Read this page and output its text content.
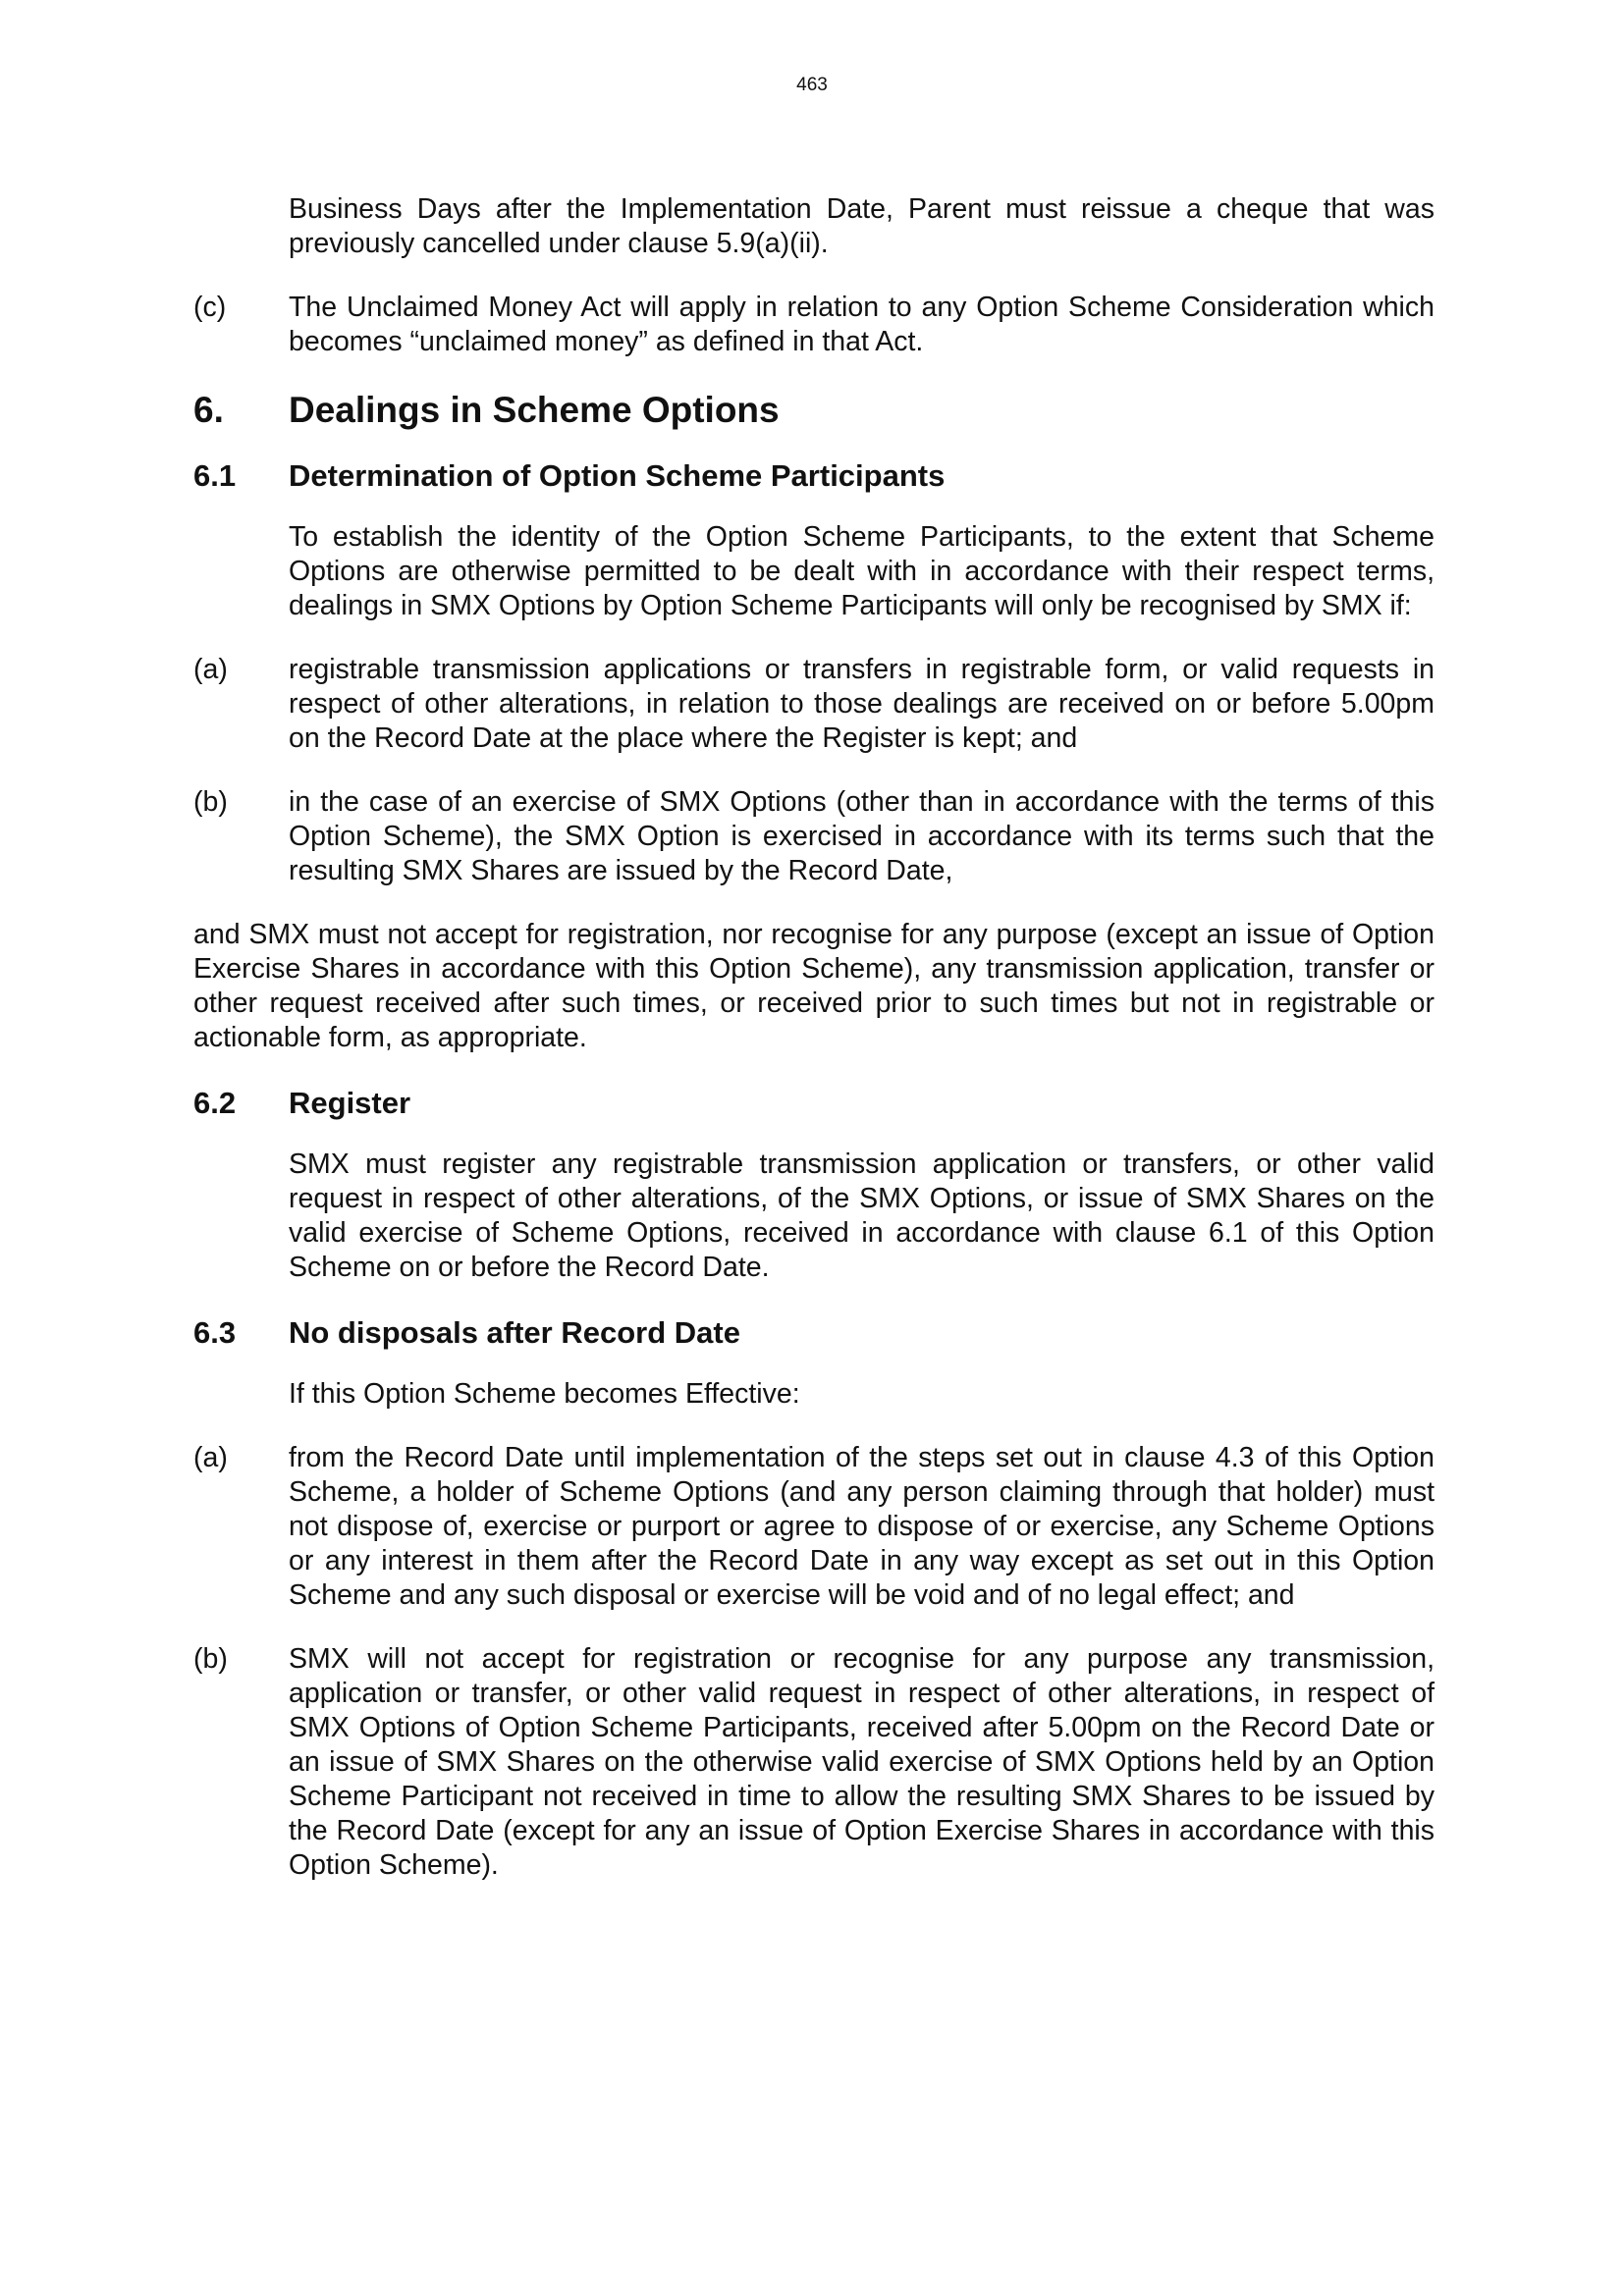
463

Business Days after the Implementation Date, Parent must reissue a cheque that was previously cancelled under clause 5.9(a)(ii).

(c)	The Unclaimed Money Act will apply in relation to any Option Scheme Consideration which becomes “unclaimed money” as defined in that Act.

6.	Dealings in Scheme Options
6.1	Determination of Option Scheme Participants

To establish the identity of the Option Scheme Participants, to the extent that Scheme Options are otherwise permitted to be dealt with in accordance with their respect terms, dealings in SMX Options by Option Scheme Participants will only be recognised by SMX if:

(a)	registrable transmission applications or transfers in registrable form, or valid requests in respect of other alterations, in relation to those dealings are received on or before 5.00pm on the Record Date at the place where the Register is kept; and

(b)	in the case of an exercise of SMX Options (other than in accordance with the terms of this Option Scheme), the SMX Option is exercised in accordance with its terms such that the resulting SMX Shares are issued by the Record Date,

and SMX must not accept for registration, nor recognise for any purpose (except an issue of Option Exercise Shares in accordance with this Option Scheme), any transmission application, transfer or other request received after such times, or received prior to such times but not in registrable or actionable form, as appropriate.

6.2	Register

SMX must register any registrable transmission application or transfers, or other valid request in respect of other alterations, of the SMX Options, or issue of SMX Shares on the valid exercise of Scheme Options, received in accordance with clause 6.1 of this Option Scheme on or before the Record Date.

6.3	No disposals after Record Date

If this Option Scheme becomes Effective:

(a)	from the Record Date until implementation of the steps set out in clause 4.3 of this Option Scheme, a holder of Scheme Options (and any person claiming through that holder) must not dispose of, exercise or purport or agree to dispose of or exercise, any Scheme Options or any interest in them after the Record Date in any way except as set out in this Option Scheme and any such disposal or exercise will be void and of no legal effect; and

(b)	SMX will not accept for registration or recognise for any purpose any transmission, application or transfer, or other valid request in respect of other alterations, in respect of SMX Options of Option Scheme Participants, received after 5.00pm on the Record Date or an issue of SMX Shares on the otherwise valid exercise of SMX Options held by an Option Scheme Participant not received in time to allow the resulting SMX Shares to be issued by the Record Date (except for any an issue of Option Exercise Shares in accordance with this Option Scheme).
